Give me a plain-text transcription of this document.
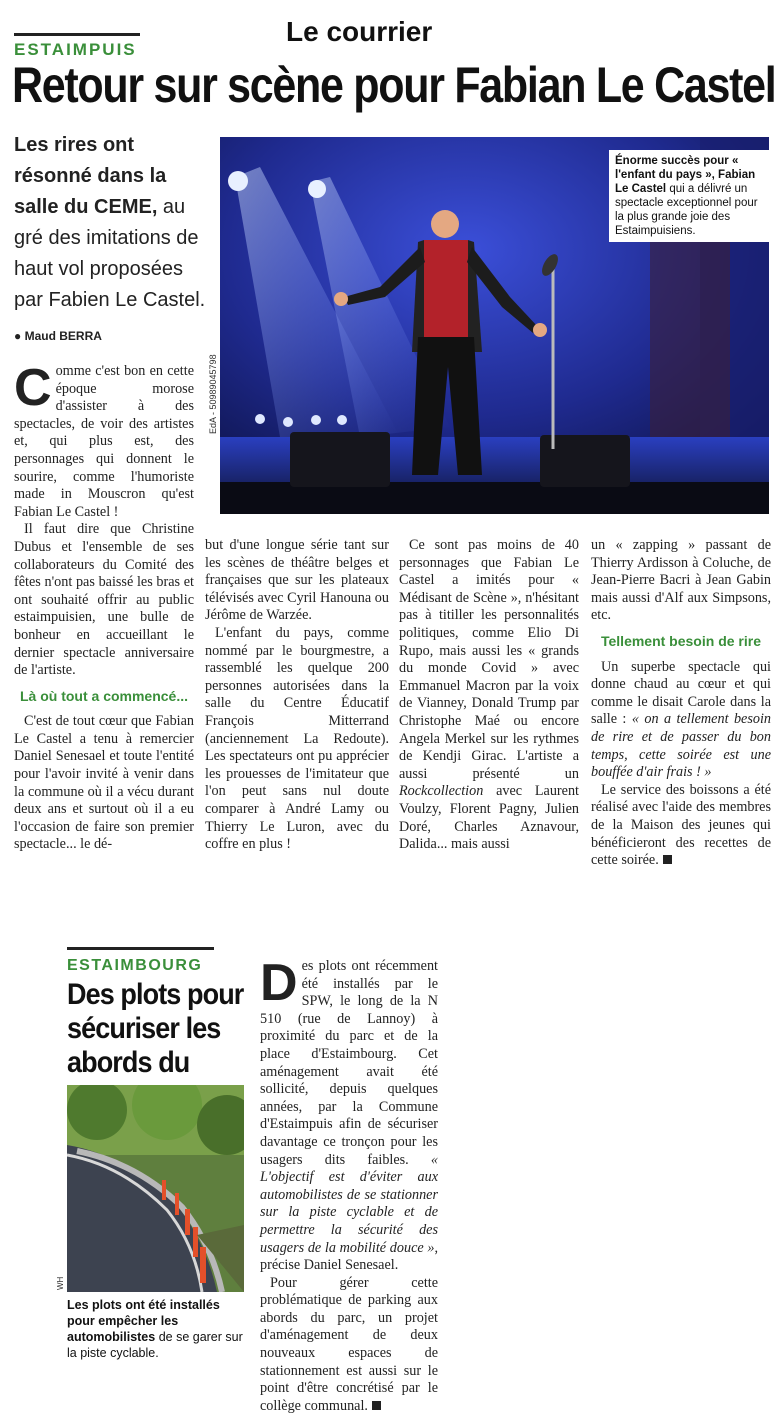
Le courrier
ESTAIMPUIS
Retour sur scène pour Fabian Le Castel
Les rires ont résonné dans la salle du CEME, au gré des imitations de haut vol proposées par Fabien Le Castel.
● Maud BERRA
Énorme succès pour « l'enfant du pays », Fabian Le Castel qui a délivré un spectacle exceptionnel pour la plus grande joie des Estaimpuisiens.
EdA - 50989045798

Comme c'est bon en cette époque morose d'assister à des spectacles, de voir des artistes et, qui plus est, des personnages qui donnent le sourire, comme l'humoriste made in Mouscron qu'est Fabian Le Castel !

Il faut dire que Christine Dubus et l'ensemble de ses collaborateurs du Comité des fêtes n'ont pas baissé les bras et ont souhaité offrir au public estaimpuisien, une bulle de bonheur en accueillant le dernier spectacle anniversaire de l'artiste.

Là où tout a commencé...

C'est de tout cœur que Fabian Le Castel a tenu à remercier Daniel Senesael et toute l'entité pour l'avoir invité à venir dans la commune où il a vécu durant deux ans et surtout où il a eu l'occasion de faire son premier spectacle... le dé-

but d'une longue série tant sur les scènes de théâtre belges et françaises que sur les plateaux télévisés avec Cyril Hanouna ou Jérôme de Warzée.

L'enfant du pays, comme nommé par le bourgmestre, a rassemblé les quelque 200 personnes autorisées dans la salle du Centre Éducatif François Mitterrand (anciennement La Redoute). Les spectateurs ont pu apprécier les prouesses de l'imitateur que l'on peut sans nul doute comparer à André Lamy ou Thierry Le Luron, avec du coffre en plus !

Ce sont pas moins de 40 personnages que Fabian Le Castel a imités pour « Médisant de Scène », n'hésitant pas à titiller les personnalités politiques, comme Elio Di Rupo, mais aussi les « grands du monde Covid » avec Emmanuel Macron par la voix de Vianney, Donald Trump par Christophe Maé ou encore Angela Merkel sur les rythmes de Kendji Girac. L'artiste a aussi présenté un Rockcollection avec Laurent Voulzy, Florent Pagny, Julien Doré, Charles Aznavour, Dalida... mais aussi

un « zapping » passant de Thierry Ardisson à Coluche, de Jean-Pierre Bacri à Jean Gabin mais aussi d'Alf aux Simpsons, etc.

Tellement besoin de rire

Un superbe spectacle qui donne chaud au cœur et qui comme le disait Carole dans la salle : « on a tellement besoin de rire et de passer du bon temps, cette soirée est une bouffée d'air frais ! »

Le service des boissons a été réalisé avec l'aide des membres de la Maison des jeunes qui bénéficieront des recettes de cette soirée.

ESTAIMBOURG
Des plots pour sécuriser les abords du
WH
Les plots ont été installés pour empêcher les automobilistes de se garer sur la piste cyclable.

Des plots ont récemment été installés par le SPW, le long de la N 510 (rue de Lannoy) à proximité du parc et de la place d'Estaimbourg. Cet aménagement avait été sollicité, depuis quelques années, par la Commune d'Estaimpuis afin de sécuriser davantage ce tronçon pour les usagers dits faibles. « L'objectif est d'éviter aux automobilistes de se stationner sur la piste cyclable et de permettre la sécurité des usagers de la mobilité douce », précise Daniel Senesael.

Pour gérer cette problématique de parking aux abords du parc, un projet d'aménagement de deux nouveaux espaces de stationnement est aussi sur le point d'être concrétisé par le collège communal.
